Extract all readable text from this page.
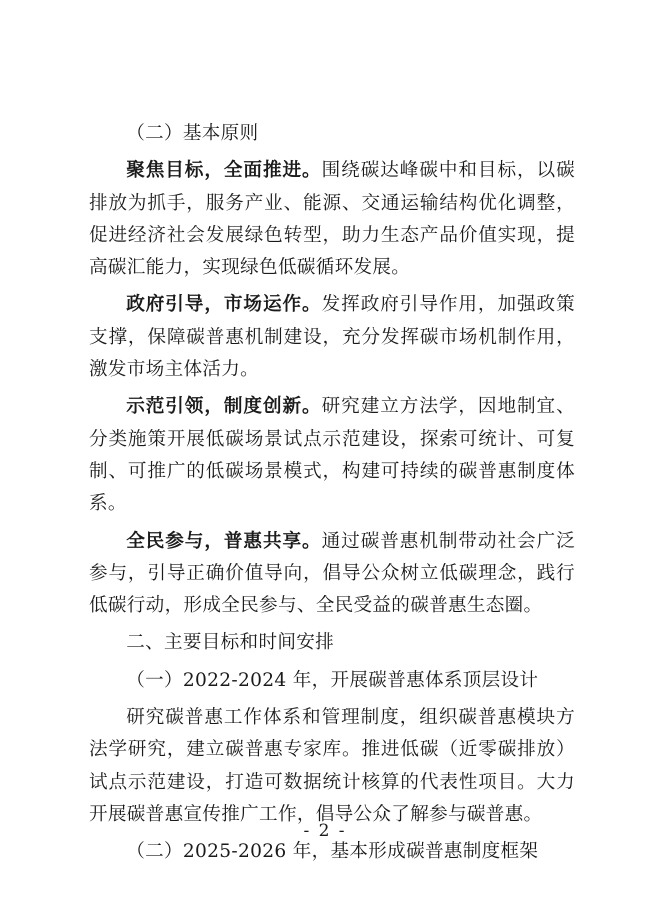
（二）基本原则

聚焦目标，全面推进。围绕碳达峰碳中和目标，以碳排放为抓手，服务产业、能源、交通运输结构优化调整，促进经济社会发展绿色转型，助力生态产品价值实现，提高碳汇能力，实现绿色低碳循环发展。

政府引导，市场运作。发挥政府引导作用，加强政策支撑，保障碳普惠机制建设，充分发挥碳市场机制作用，激发市场主体活力。

示范引领，制度创新。研究建立方法学，因地制宜、分类施策开展低碳场景试点示范建设，探索可统计、可复制、可推广的低碳场景模式，构建可持续的碳普惠制度体系。

全民参与，普惠共享。通过碳普惠机制带动社会广泛参与，引导正确价值导向，倡导公众树立低碳理念，践行低碳行动，形成全民参与、全民受益的碳普惠生态圈。

二、主要目标和时间安排

（一）2022-2024 年，开展碳普惠体系顶层设计

研究碳普惠工作体系和管理制度，组织碳普惠模块方法学研究，建立碳普惠专家库。推进低碳（近零碳排放）试点示范建设，打造可数据统计核算的代表性项目。大力开展碳普惠宣传推广工作，倡导公众了解参与碳普惠。

（二）2025-2026 年，基本形成碳普惠制度框架

- 2 -
